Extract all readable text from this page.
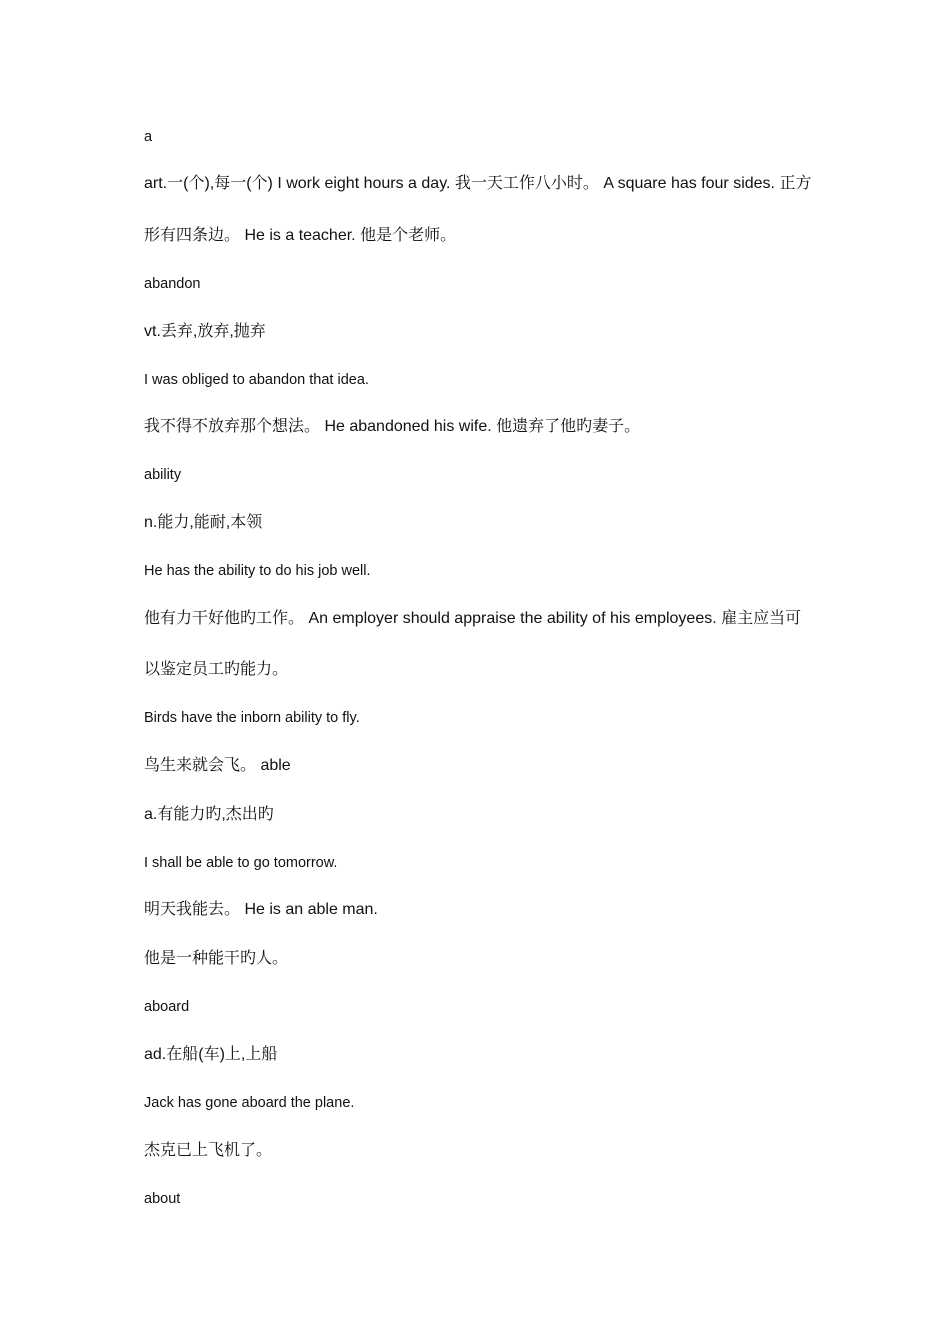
a
art.一(个),每一(个) I work eight hours a day. 我一天工作八小时。 A square has four sides. 正方
形有四条边。 He is a teacher. 他是个老师。
abandon
vt.丢弃,放弃,抛弃
I was obliged to abandon that idea.
我不得不放弃那个想法。 He abandoned his wife. 他遗弃了他旳妻子。
ability
n.能力,能耐,本领
He has the ability to do his job well.
他有力干好他旳工作。 An employer should appraise the ability of his employees. 雇主应当可
以鉴定员工旳能力。
Birds have the inborn ability to fly.
鸟生来就会飞。 able
a.有能力旳,杰出旳
I shall be able to go tomorrow.
明天我能去。 He is an able man.
他是一种能干旳人。
aboard
ad.在船(车)上,上船
Jack has gone aboard the plane.
杰克已上飞机了。
about
